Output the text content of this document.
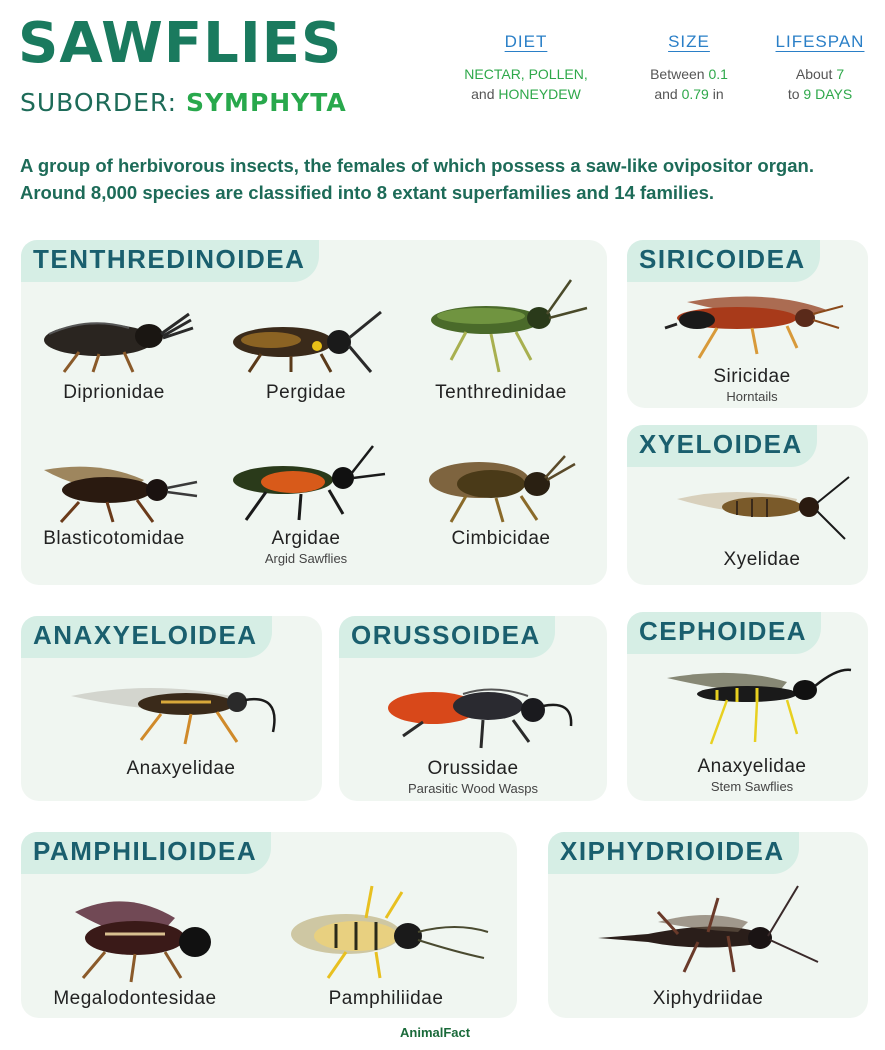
SAWFLIES
SUBORDER: SYMPHYTA
DIET
NECTAR, POLLEN,
and HONEYDEW
SIZE
Between 0.1
and 0.79 in
LIFESPAN
About 7
to 9 DAYS
A group of herbivorous insects, the females of which possess a saw-like ovipositor organ. Around 8,000 species are classified into 8 extant superfamilies and 14 families.
TENTHREDINOIDEA
Diprionidae	Pergidae	Tenthredinidae
Blasticotomidae	Argidae
Argid Sawflies
Cimbicidae
SIRICOIDEA
Siricidae
Horntails
XYELOIDEA
Xyelidae
ANAXYELOIDEA
Anaxyelidae
ORUSSOIDEA
Orussidae
Parasitic Wood Wasps
CEPHOIDEA
Anaxyelidae
Stem Sawflies
PAMPHILIOIDEA
Megalodontesidae	Pamphiliidae
XIPHYDRIOIDEA
Xiphydriidae
AnimalFact
